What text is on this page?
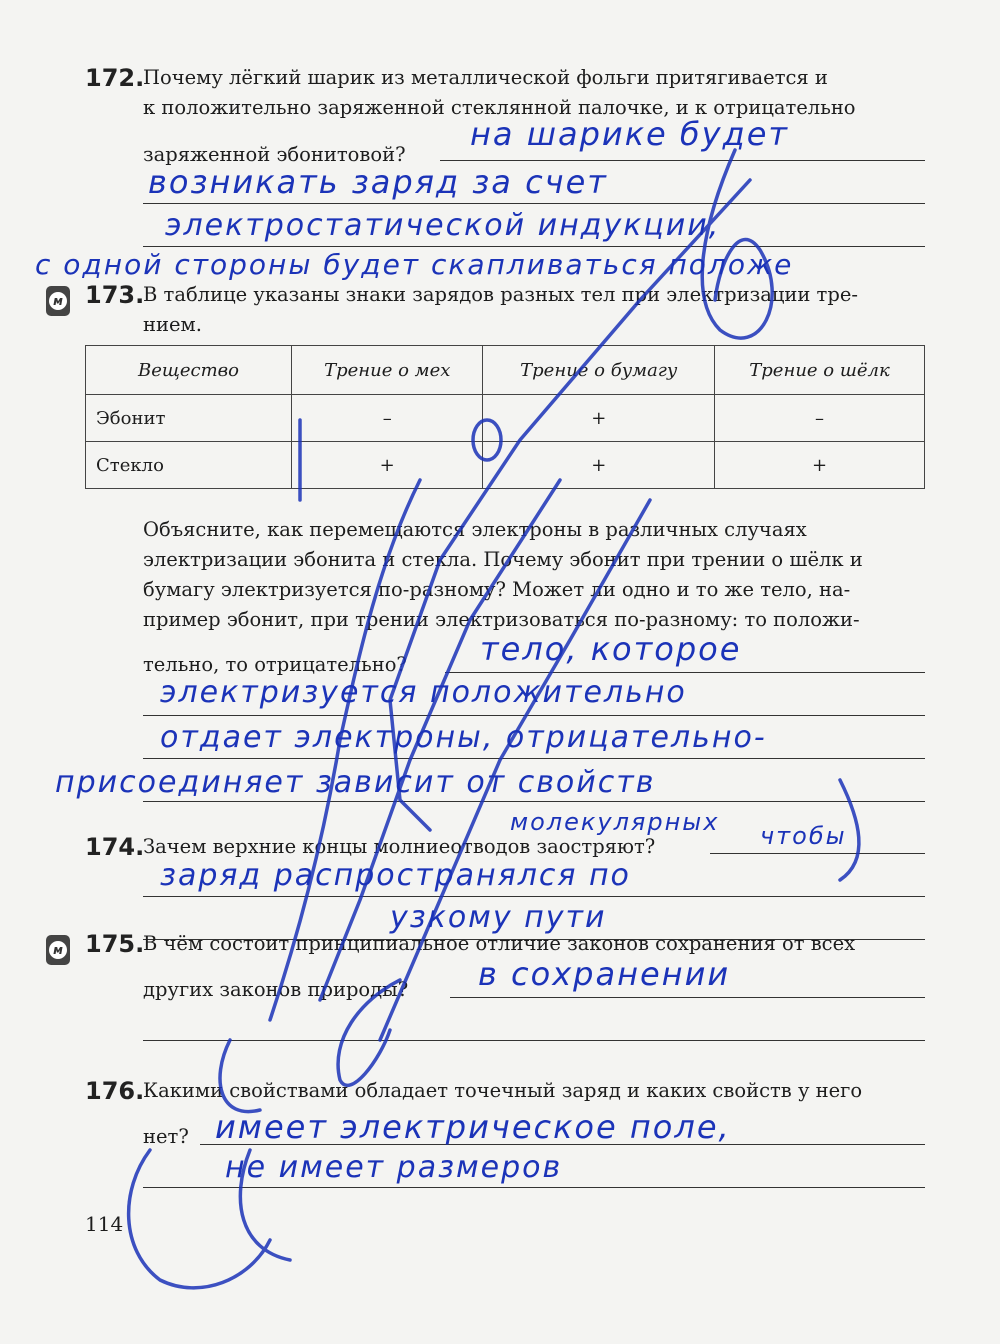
172.
Почему лёгкий шарик из металлической фольги притягивается и
к положительно заряженной стеклянной палочке, и к отрицательно
заряженной эбонитовой?
на шарике будет
возникать заряд за счет
электростатической индукции,
с одной стороны будет скапливаться положе
м 173.
В таблице указаны знаки зарядов разных тел при электризации тре-
нием.
Вещество	Трение о мех	Трение о бумагу	Трение о шёлк
Эбонит	–	+	–
Стекло	+	+	+
Объясните, как перемещаются электроны в различных случаях
электризации эбонита и стекла. Почему эбонит при трении о шёлк и
бумагу электризуется по-разному? Может ли одно и то же тело, на-
пример эбонит, при трении электризоваться по-разному: то положи-
тельно, то отрицательно? тело, которое
электризуется положительно
отдает электроны, отрицательно-
присоединяет зависит от свойств
молекулярных
174.
Зачем верхние концы молниеотводов заостряют?	чтобы
заряд распространялся по
узкому пути
м 175.
В чём состоит принципиальное отличие законов сохранения от всех
других законов природы? в сохранении
176.
Какими свойствами обладает точечный заряд и каких свойств у него
нет? имеет электрическое поле,
не имеет размеров
114
